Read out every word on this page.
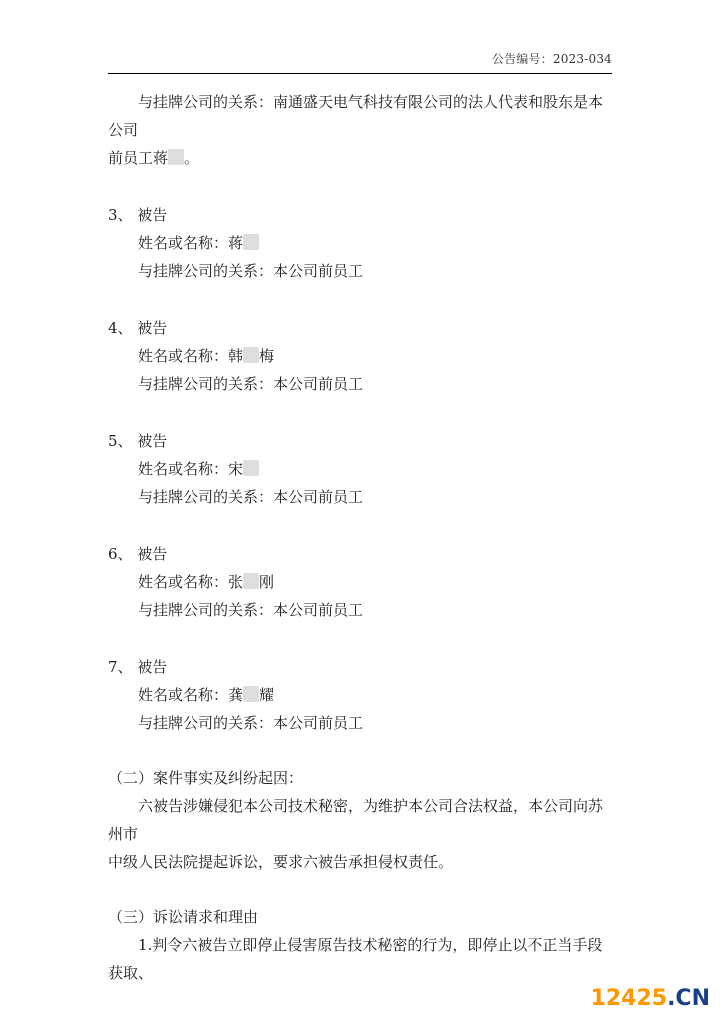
公告编号：2023-034

与挂牌公司的关系：南通盛天电气科技有限公司的法人代表和股东是本公司

前员工蒋 。

3、 被告

姓名或名称：蒋

与挂牌公司的关系：本公司前员工

4、 被告

姓名或名称：韩 梅

与挂牌公司的关系：本公司前员工

5、 被告

姓名或名称：宋

与挂牌公司的关系：本公司前员工

6、 被告

姓名或名称：张 刚

与挂牌公司的关系：本公司前员工

7、 被告

姓名或名称：龚 耀

与挂牌公司的关系：本公司前员工

（二）案件事实及纠纷起因：

六被告涉嫌侵犯本公司技术秘密，为维护本公司合法权益，本公司向苏州市

中级人民法院提起诉讼，要求六被告承担侵权责任。

（三）诉讼请求和理由

1.判令六被告立即停止侵害原告技术秘密的行为，即停止以不正当手段获取、

12425.CN
